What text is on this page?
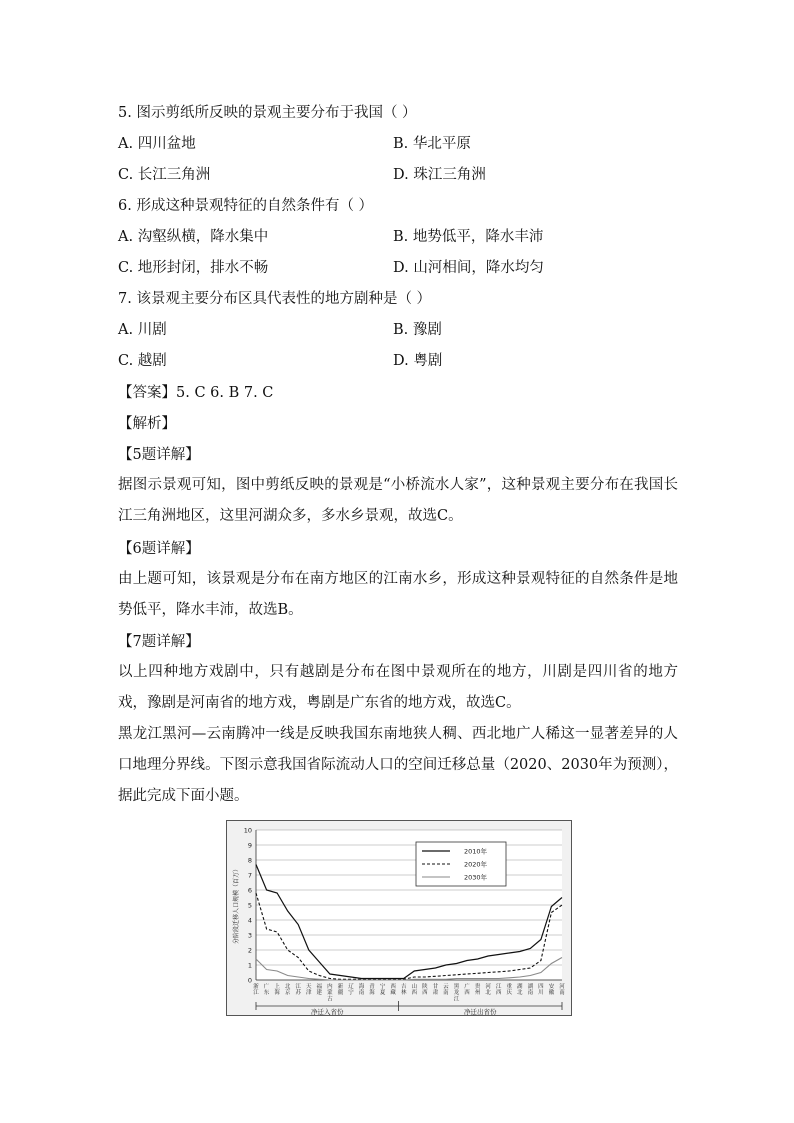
5. 图示剪纸所反映的景观主要分布于我国（ ）
A. 四川盆地	B. 华北平原
C. 长江三角洲	D. 珠江三角洲
6. 形成这种景观特征的自然条件有（ ）
A. 沟壑纵横，降水集中	B. 地势低平，降水丰沛
C. 地形封闭，排水不畅	D. 山河相间，降水均匀
7. 该景观主要分布区具代表性的地方剧种是（ ）
A. 川剧	B. 豫剧
C. 越剧	D. 粤剧
【答案】5. C 6. B 7. C
【解析】
【5题详解】
据图示景观可知，图中剪纸反映的景观是“小桥流水人家”，这种景观主要分布在我国长江三角洲地区，这里河湖众多，多水乡景观，故选C。
【6题详解】
由上题可知，该景观是分布在南方地区的江南水乡，形成这种景观特征的自然条件是地势低平，降水丰沛，故选B。
【7题详解】
以上四种地方戏剧中，只有越剧是分布在图中景观所在的地方，川剧是四川省的地方戏，豫剧是河南省的地方戏，粤剧是广东省的地方戏，故选C。
黑龙江黑河—云南腾冲一线是反映我国东南地狭人稠、西北地广人稀这一显著差异的人口地理分界线。下图示意我国省际流动人口的空间迁移总量（2020、2030年为预测），据此完成下面小题。
0
1
2
3
4
5
6
7
8
9
10
分阶段迁移人口规模（百万）
浙江
广东
上海
北京
江苏
天津
福建
内蒙古
新疆
辽宁
海南
青海
宁夏
西藏
吉林
山西
陕西
甘肃
云南
黑龙江
广西
贵州
河北
江西
重庆
湖北
湖南
四川
安徽
河南
净迁入省份	净迁出省份
2010年
2020年
2030年
